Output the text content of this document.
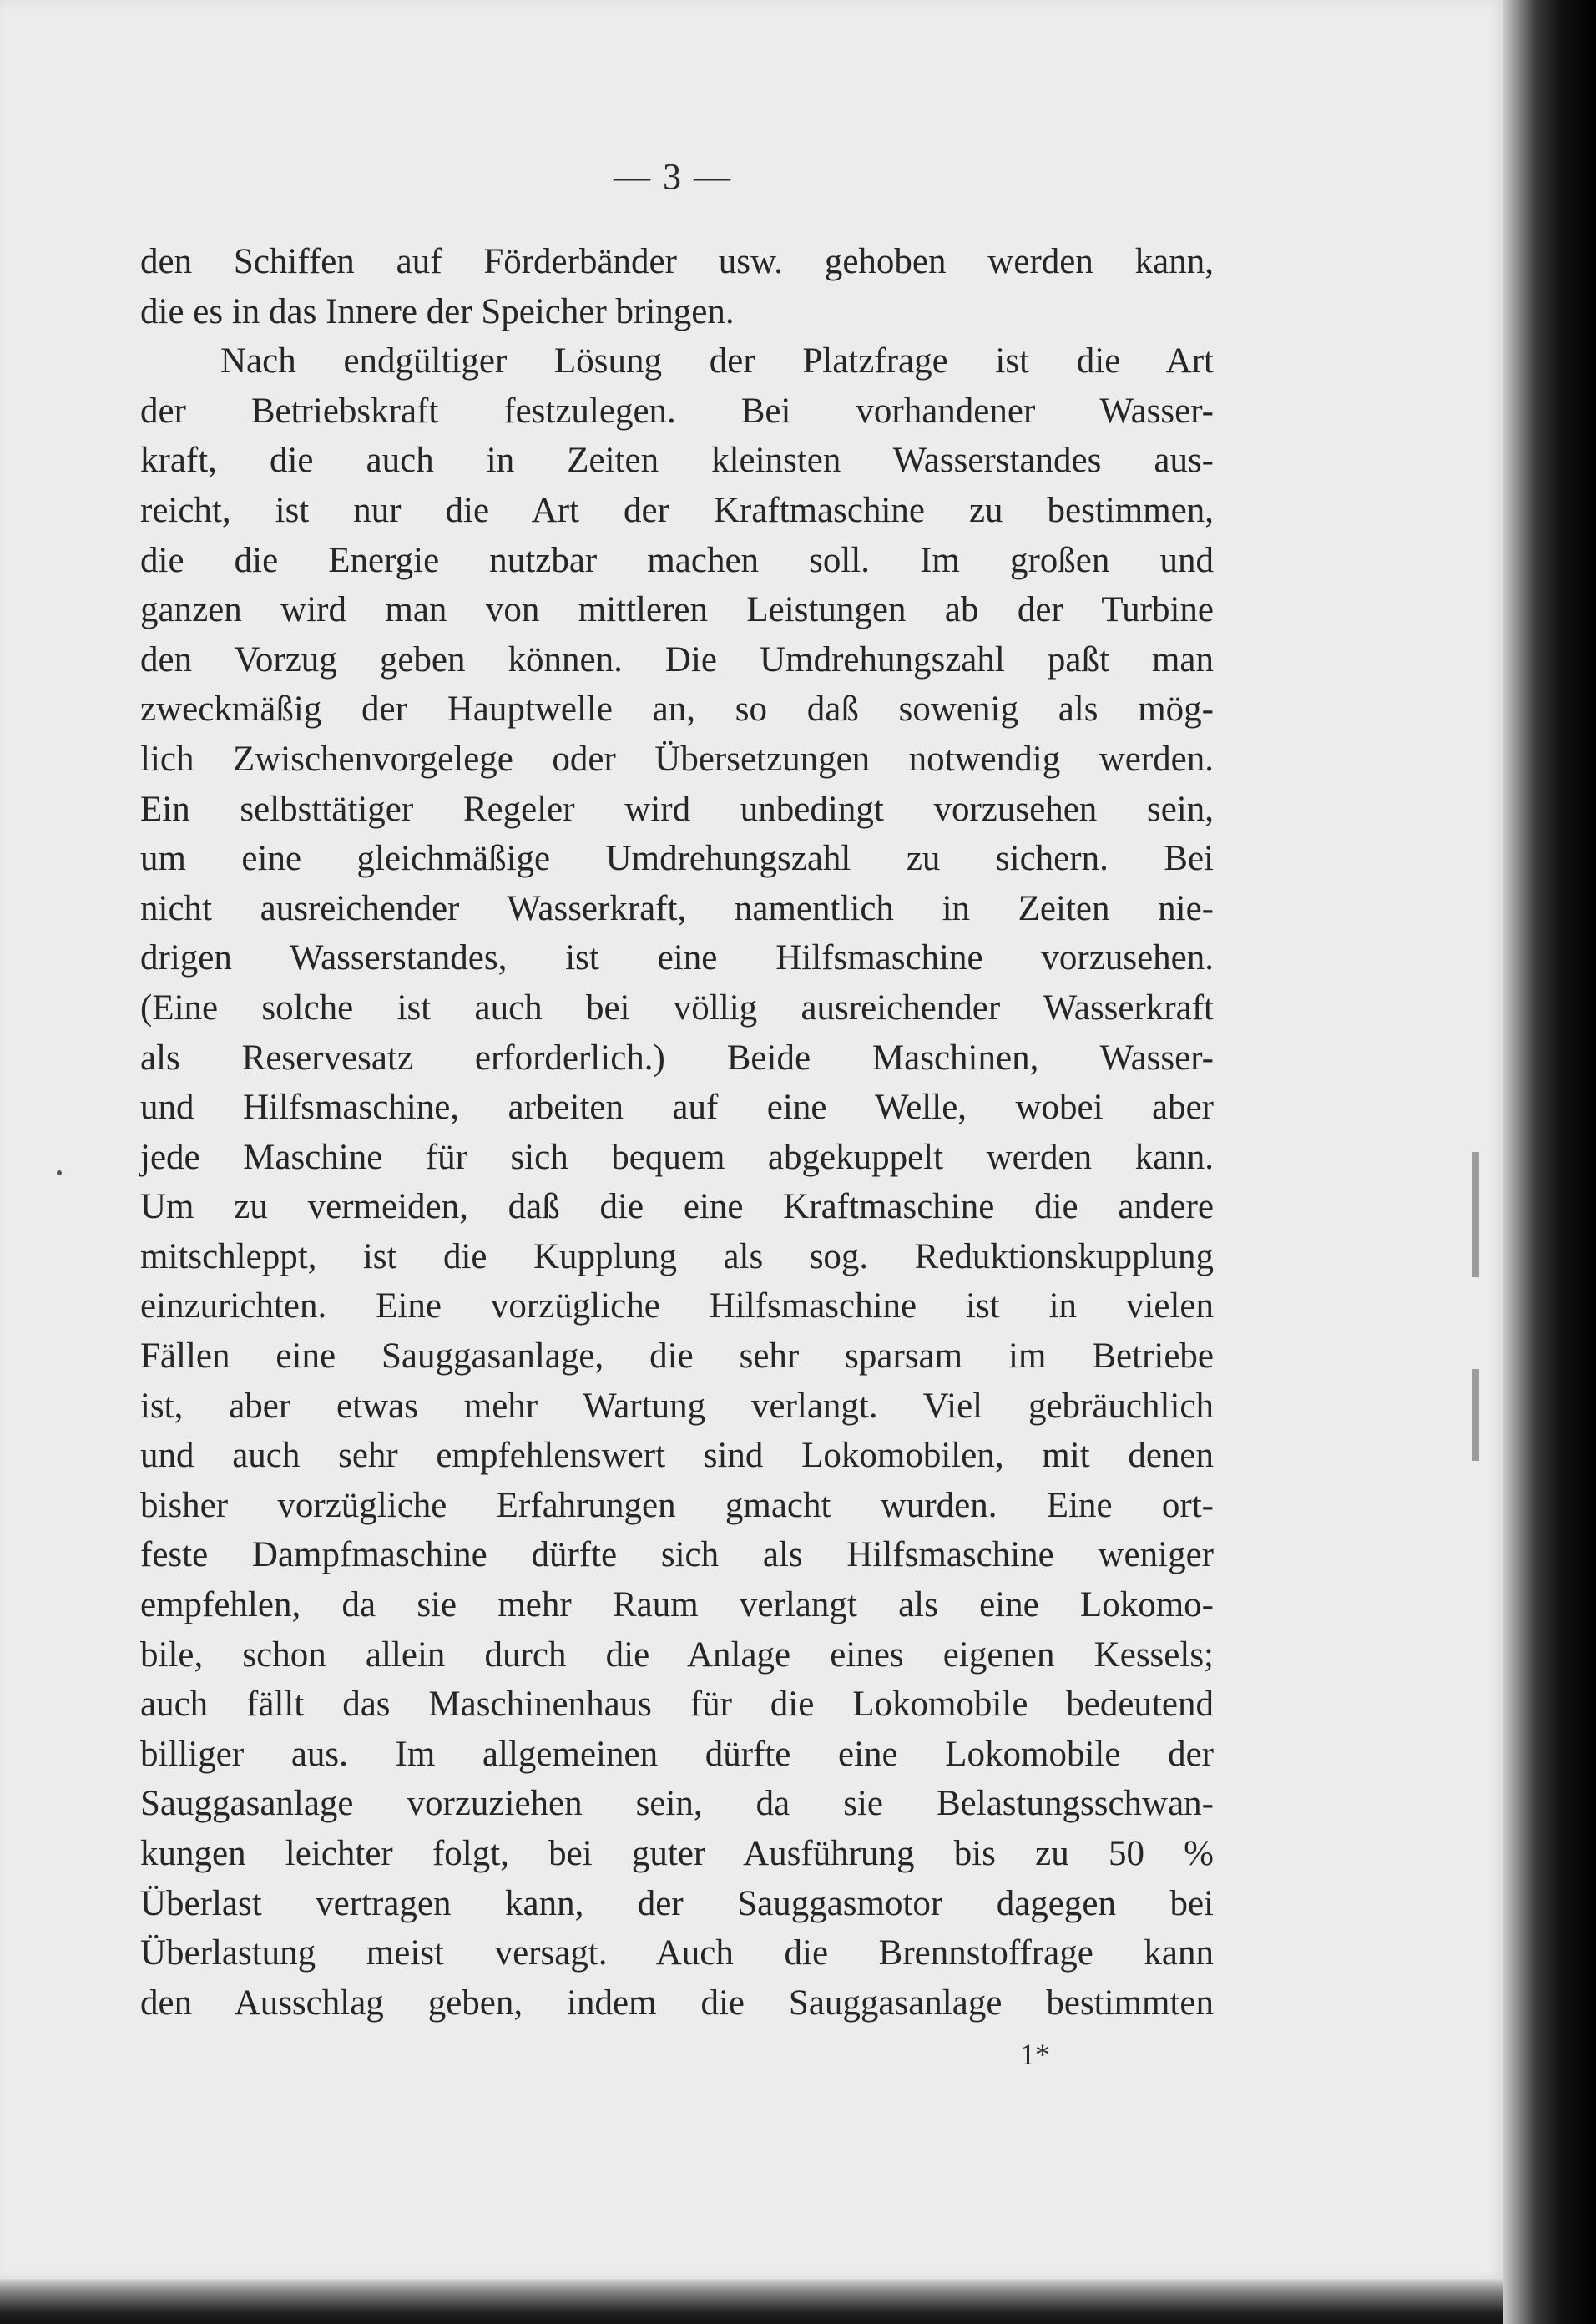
— 3 —

den Schiffen auf Förderbänder usw. gehoben werden kann,
die es in das Innere der Speicher bringen.
Nach endgültiger Lösung der Platzfrage ist die Art
der Betriebskraft festzulegen. Bei vorhandener Wasser-
kraft, die auch in Zeiten kleinsten Wasserstandes aus-
reicht, ist nur die Art der Kraftmaschine zu bestimmen,
die die Energie nutzbar machen soll. Im großen und
ganzen wird man von mittleren Leistungen ab der Turbine
den Vorzug geben können. Die Umdrehungszahl paßt man
zweckmäßig der Hauptwelle an, so daß sowenig als mög-
lich Zwischenvorgelege oder Übersetzungen notwendig werden.
Ein selbsttätiger Regeler wird unbedingt vorzusehen sein,
um eine gleichmäßige Umdrehungszahl zu sichern. Bei
nicht ausreichender Wasserkraft, namentlich in Zeiten nie-
drigen Wasserstandes, ist eine Hilfsmaschine vorzusehen.
(Eine solche ist auch bei völlig ausreichender Wasserkraft
als Reservesatz erforderlich.) Beide Maschinen, Wasser-
und Hilfsmaschine, arbeiten auf eine Welle, wobei aber
jede Maschine für sich bequem abgekuppelt werden kann.
Um zu vermeiden, daß die eine Kraftmaschine die andere
mitschleppt, ist die Kupplung als sog. Reduktionskupplung
einzurichten. Eine vorzügliche Hilfsmaschine ist in vielen
Fällen eine Sauggasanlage, die sehr sparsam im Betriebe
ist, aber etwas mehr Wartung verlangt. Viel gebräuchlich
und auch sehr empfehlenswert sind Lokomobilen, mit denen
bisher vorzügliche Erfahrungen gmacht wurden. Eine ort-
feste Dampfmaschine dürfte sich als Hilfsmaschine weniger
empfehlen, da sie mehr Raum verlangt als eine Lokomo-
bile, schon allein durch die Anlage eines eigenen Kessels;
auch fällt das Maschinenhaus für die Lokomobile bedeutend
billiger aus. Im allgemeinen dürfte eine Lokomobile der
Sauggasanlage vorzuziehen sein, da sie Belastungsschwan-
kungen leichter folgt, bei guter Ausführung bis zu 50 %
Überlast vertragen kann, der Sauggasmotor dagegen bei
Überlastung meist versagt. Auch die Brennstoffrage kann
den Ausschlag geben, indem die Sauggasanlage bestimmten

1*
